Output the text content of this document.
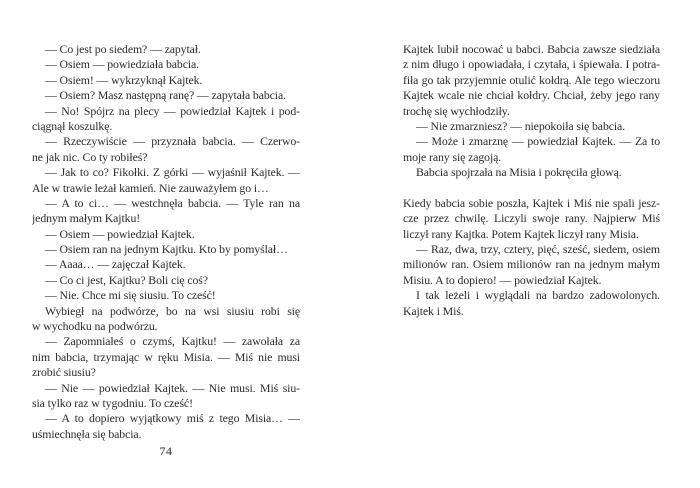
— Co jest po siedem? — zapytał.
— Osiem — powiedziała babcia.
— Osiem! — wykrzyknął Kajtek.
— Osiem? Masz następną ranę? — zapytała babcia.
— No! Spójrz na plecy — powiedział Kajtek i pod-
ciągnął koszulkę.
— Rzeczywiście — przyznała babcia. — Czerwo-
ne jak nic. Co ty robiłeś?
— Jak to co? Fikołki. Z górki — wyjaśnił Kajtek. —
Ale w trawie leżał kamień. Nie zauważyłem go i…
— A to ci… — westchnęła babcia. — Tyle ran na
jednym małym Kajtku!
— Osiem — powiedział Kajtek.
— Osiem ran na jednym Kajtku. Kto by pomyślał…
— Aaaa… — zajęczał Kajtek.
— Co ci jest, Kajtku? Boli cię coś?
— Nie. Chce mi się siusiu. To cześć!
Wybiegł na podwórze, bo na wsi siusiu robi się
w wychodku na podwórzu.
— Zapomniałeś o czymś, Kajtku! — zawołała za
nim babcia, trzymając w ręku Misia. — Miś nie musi
zrobić siusiu?
— Nie — powiedział Kajtek. — Nie musi. Miś siu-
sia tylko raz w tygodniu. To cześć!
— A to dopiero wyjątkowy miś z tego Misia… —
uśmiechnęła się babcia.
Kajtek lubił nocować u babci. Babcia zawsze siedziała
z nim długo i opowiadała, i czytała, i śpiewała. I potra-
fiła go tak przyjemnie otulić kołdrą. Ale tego wieczoru
Kajtek wcale nie chciał kołdry. Chciał, żeby jego rany
trochę się wychłodziły.
— Nie zmarzniesz? — niepokoiła się babcia.
— Może i zmarznę — powiedział Kajtek. — Za to
moje rany się zagoją.
Babcia spojrzała na Misia i pokręciła głową.
Kiedy babcia sobie poszła, Kajtek i Miś nie spali jesz-
cze przez chwilę. Liczyli swoje rany. Najpierw Miś
liczył rany Kajtka. Potem Kajtek liczył rany Misia.
— Raz, dwa, trzy, cztery, pięć, sześć, siedem, osiem
milionów ran. Osiem milionów ran na jednym małym
Misiu. A to dopiero! — powiedział Kajtek.
I tak leżeli i wyglądali na bardzo zadowolonych.
Kajtek i Miś.
74
